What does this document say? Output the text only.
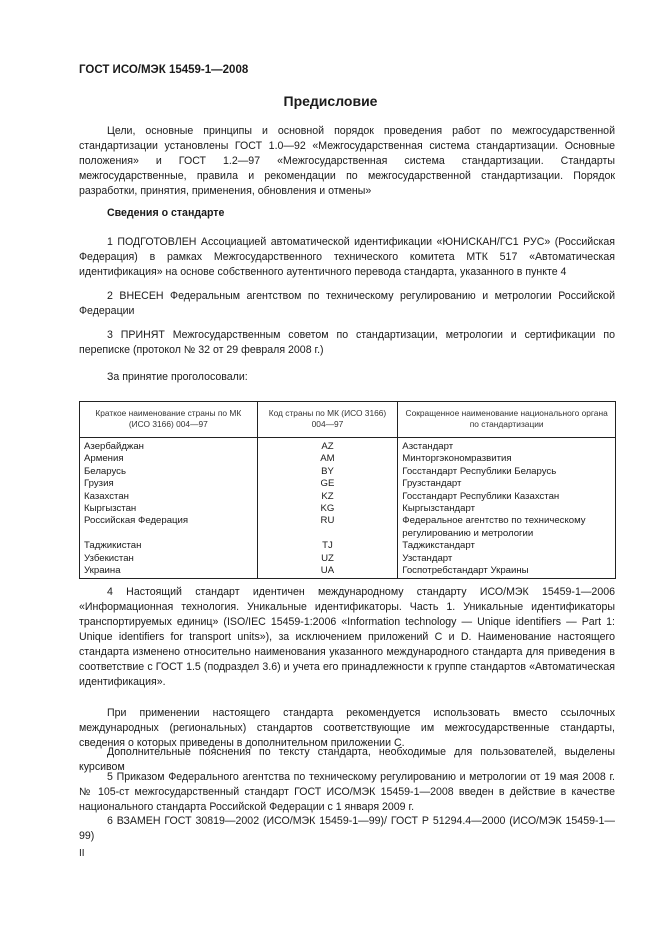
ГОСТ ИСО/МЭК 15459-1—2008
Предисловие

Цели, основные принципы и основной порядок проведения работ по межгосударственной стандартизации установлены ГОСТ 1.0—92 «Межгосударственная система стандартизации. Основные положения» и ГОСТ 1.2—97 «Межгосударственная система стандартизации. Стандарты межгосударственные, правила и рекомендации по межгосударственной стандартизации. Порядок разработки, принятия, применения, обновления и отмены»

Сведения о стандарте

1 ПОДГОТОВЛЕН Ассоциацией автоматической идентификации «ЮНИСКАН/ГС1 РУС» (Российская Федерация) в рамках Межгосударственного технического комитета МТК 517 «Автоматическая идентификация» на основе собственного аутентичного перевода стандарта, указанного в пункте 4

2 ВНЕСЕН Федеральным агентством по техническому регулированию и метрологии Российской Федерации

3 ПРИНЯТ Межгосударственным советом по стандартизации, метрологии и сертификации по переписке (протокол № 32 от 29 февраля 2008 г.)

За принятие проголосовали:
Краткое наименование страны по МК (ИСО 3166) 004—97	Код страны по МК (ИСО 3166) 004—97	Сокращенное наименование национального органа по стандартизации
Азербайджан	AZ	Азстандарт
Армения	AM	Минторгэкономразвития
Беларусь	BY	Госстандарт Республики Беларусь
Грузия	GE	Грузстандарт
Казахстан	KZ	Госстандарт Республики Казахстан
Кыргызстан	KG	Кыргызстандарт
Российская Федерация	RU	Федеральное агентство по техническому регулированию и метрологии
Таджикистан	TJ	Таджикстандарт
Узбекистан	UZ	Узстандарт
Украина	UA	Госпотребстандарт Украины

4 Настоящий стандарт идентичен международному стандарту ИСО/МЭК 15459-1—2006 «Информационная технология. Уникальные идентификаторы. Часть 1. Уникальные идентификаторы транспортируемых единиц» (ISO/IEC 15459-1:2006 «Information technology — Unique identifiers — Part 1: Unique identifiers for transport units»), за исключением приложений С и D. Наименование настоящего стандарта изменено относительно наименования указанного международного стандарта для приведения в соответствие с ГОСТ 1.5 (подраздел 3.6) и учета его принадлежности к группе стандартов «Автоматическая идентификация».

При применении настоящего стандарта рекомендуется использовать вместо ссылочных международных (региональных) стандартов соответствующие им межгосударственные стандарты, сведения о которых приведены в дополнительном приложении С.

Дополнительные пояснения по тексту стандарта, необходимые для пользователей, выделены курсивом

5 Приказом Федерального агентства по техническому регулированию и метрологии от 19 мая 2008 г. № 105-ст межгосударственный стандарт ГОСТ ИСО/МЭК 15459-1—2008 введен в действие в качестве национального стандарта Российской Федерации с 1 января 2009 г.

6 ВЗАМЕН ГОСТ 30819—2002 (ИСО/МЭК 15459-1—99)/ ГОСТ Р 51294.4—2000 (ИСО/МЭК 15459-1—99)

II
